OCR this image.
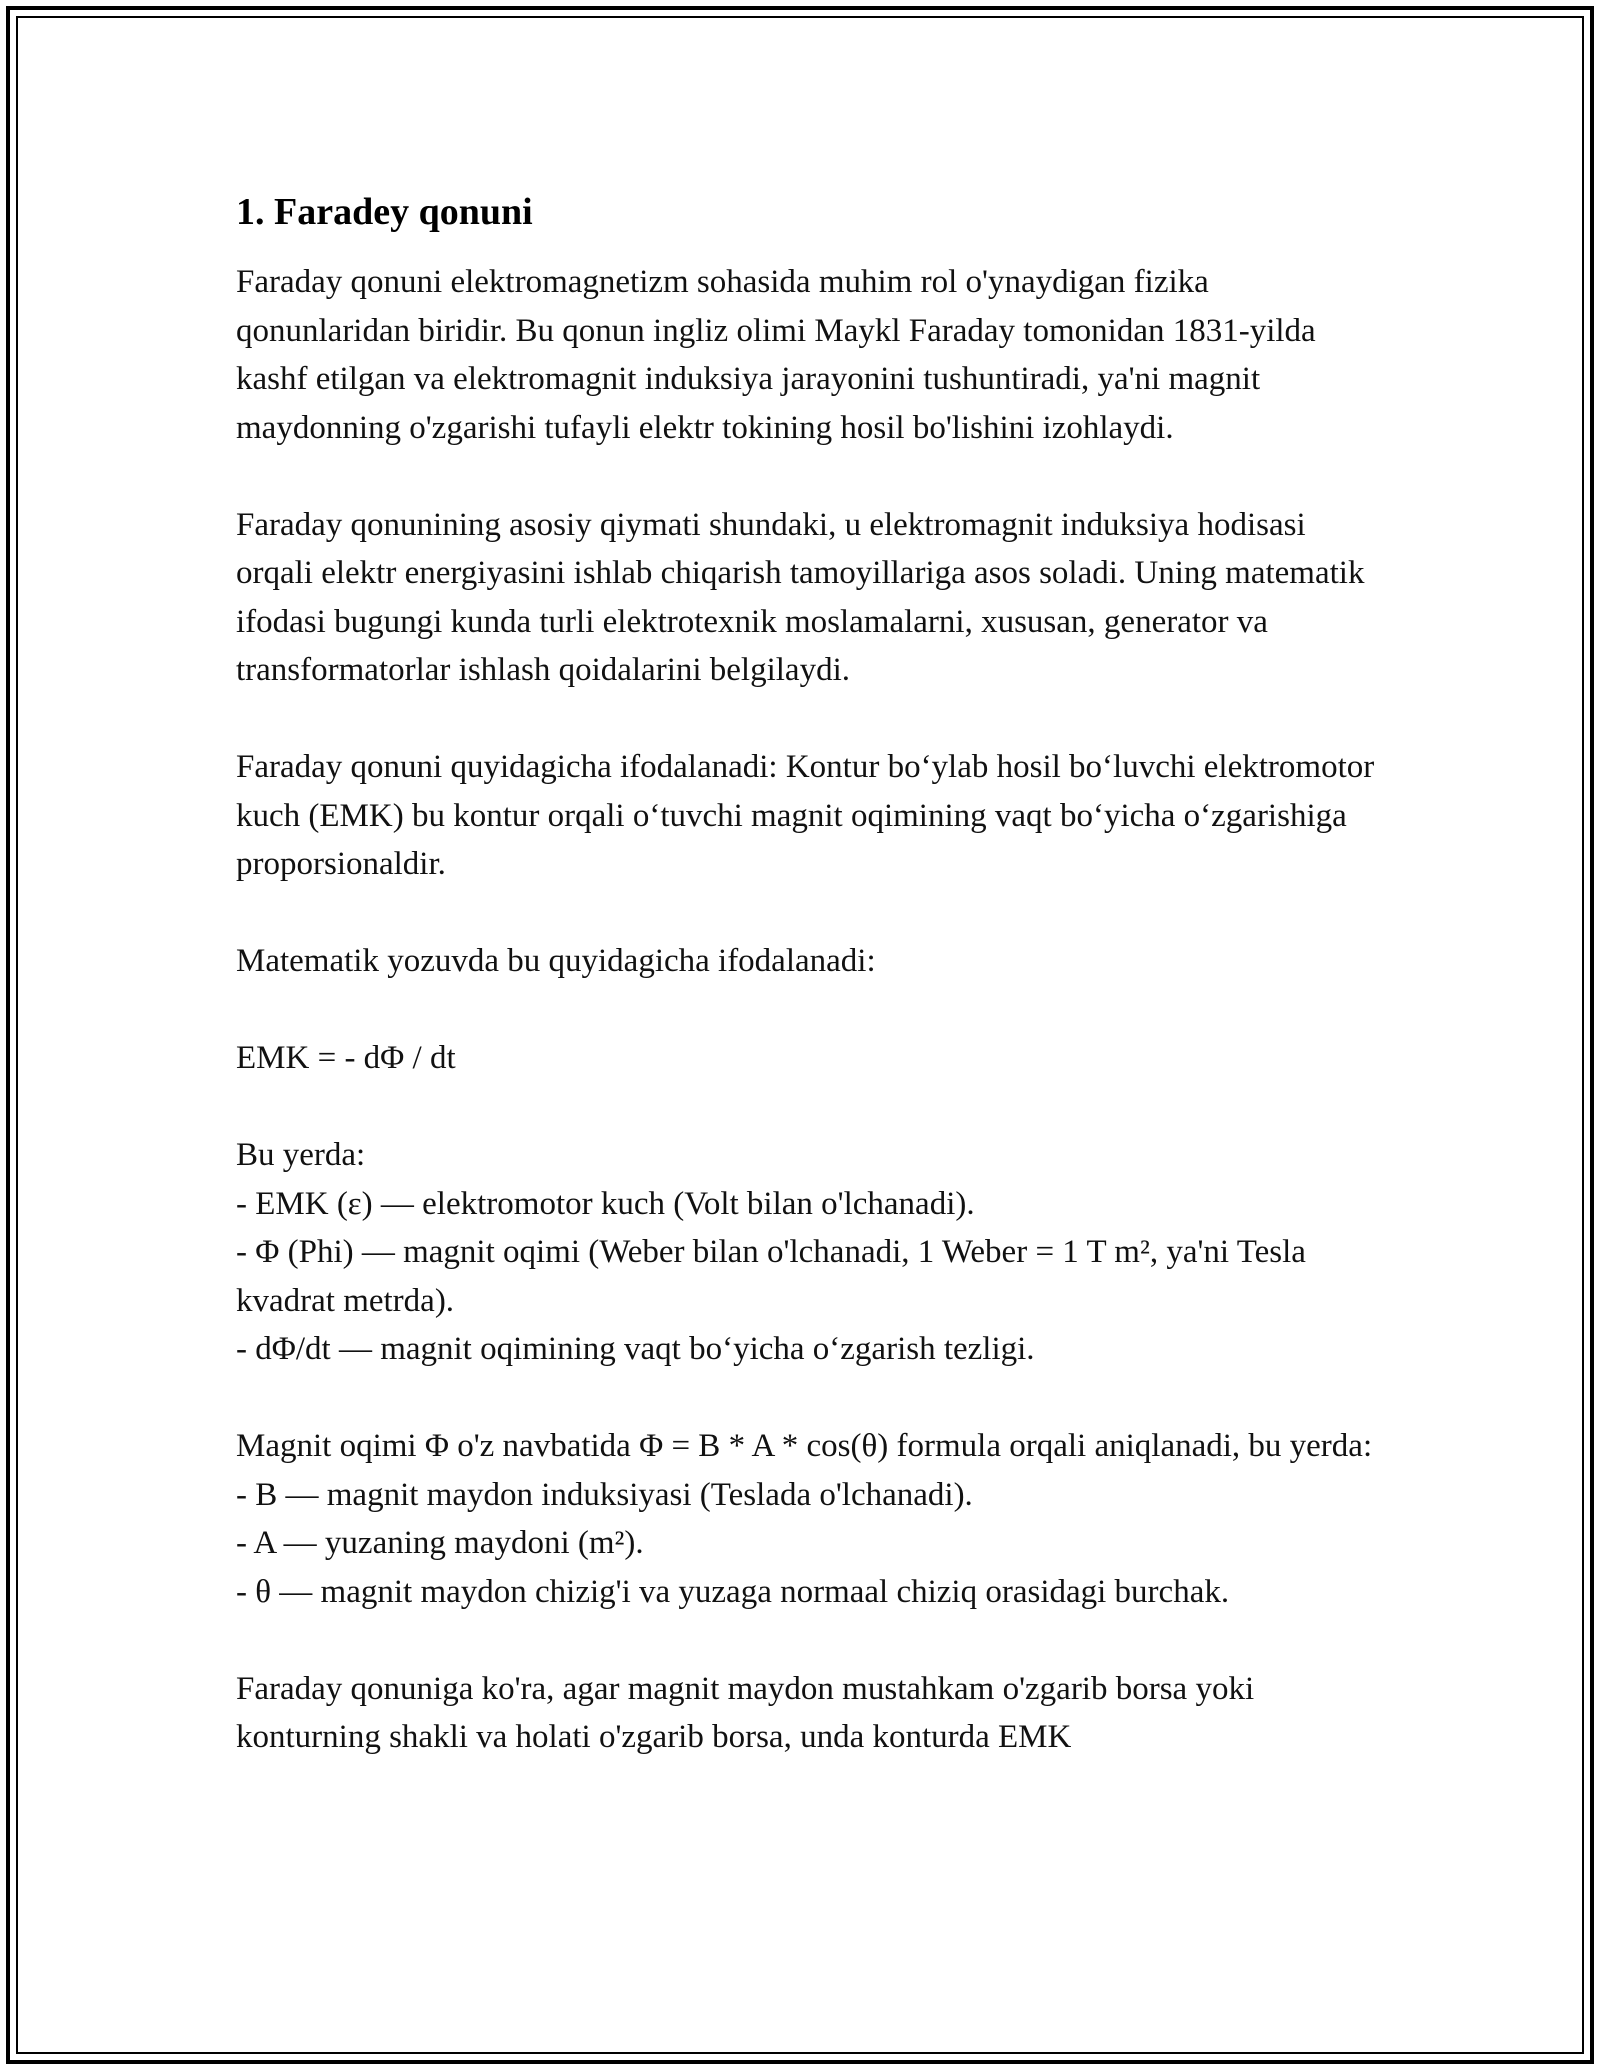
1. Faradey qonuni

Faraday qonuni elektromagnetizm sohasida muhim rol o'ynaydigan fizika qonunlaridan biridir. Bu qonun ingliz olimi Maykl Faraday tomonidan 1831-yilda kashf etilgan va elektromagnit induksiya jarayonini tushuntiradi, ya'ni magnit maydonning o'zgarishi tufayli elektr tokining hosil bo'lishini izohlaydi.

Faraday qonunining asosiy qiymati shundaki, u elektromagnit induksiya hodisasi orqali elektr energiyasini ishlab chiqarish tamoyillariga asos soladi. Uning matematik ifodasi bugungi kunda turli elektrotexnik moslamalarni, xususan, generator va transformatorlar ishlash qoidalarini belgilaydi.

Faraday qonuni quyidagicha ifodalanadi: Kontur bo‘ylab hosil bo‘luvchi elektromotor kuch (EMK) bu kontur orqali o‘tuvchi magnit oqimining vaqt bo‘yicha o‘zgarishiga proporsionaldir.

Matematik yozuvda bu quyidagicha ifodalanadi:

EMK = - dΦ / dt
Bu yerda:
- EMK (ε) — elektromotor kuch (Volt bilan o'lchanadi).
- Φ (Phi) — magnit oqimi (Weber bilan o'lchanadi, 1 Weber = 1 T m², ya'ni Tesla kvadrat metrda).
- dΦ/dt — magnit oqimining vaqt bo‘yicha o‘zgarish tezligi.
Magnit oqimi Φ o'z navbatida Φ = B * A * cos(θ) formula orqali aniqlanadi, bu yerda:
- B — magnit maydon induksiyasi (Teslada o'lchanadi).
- A — yuzaning maydoni (m²).
- θ — magnit maydon chizig'i va yuzaga normaal chiziq orasidagi burchak.

Faraday qonuniga ko'ra, agar magnit maydon mustahkam o'zgarib borsa yoki konturning shakli va holati o'zgarib borsa, unda konturda EMK
